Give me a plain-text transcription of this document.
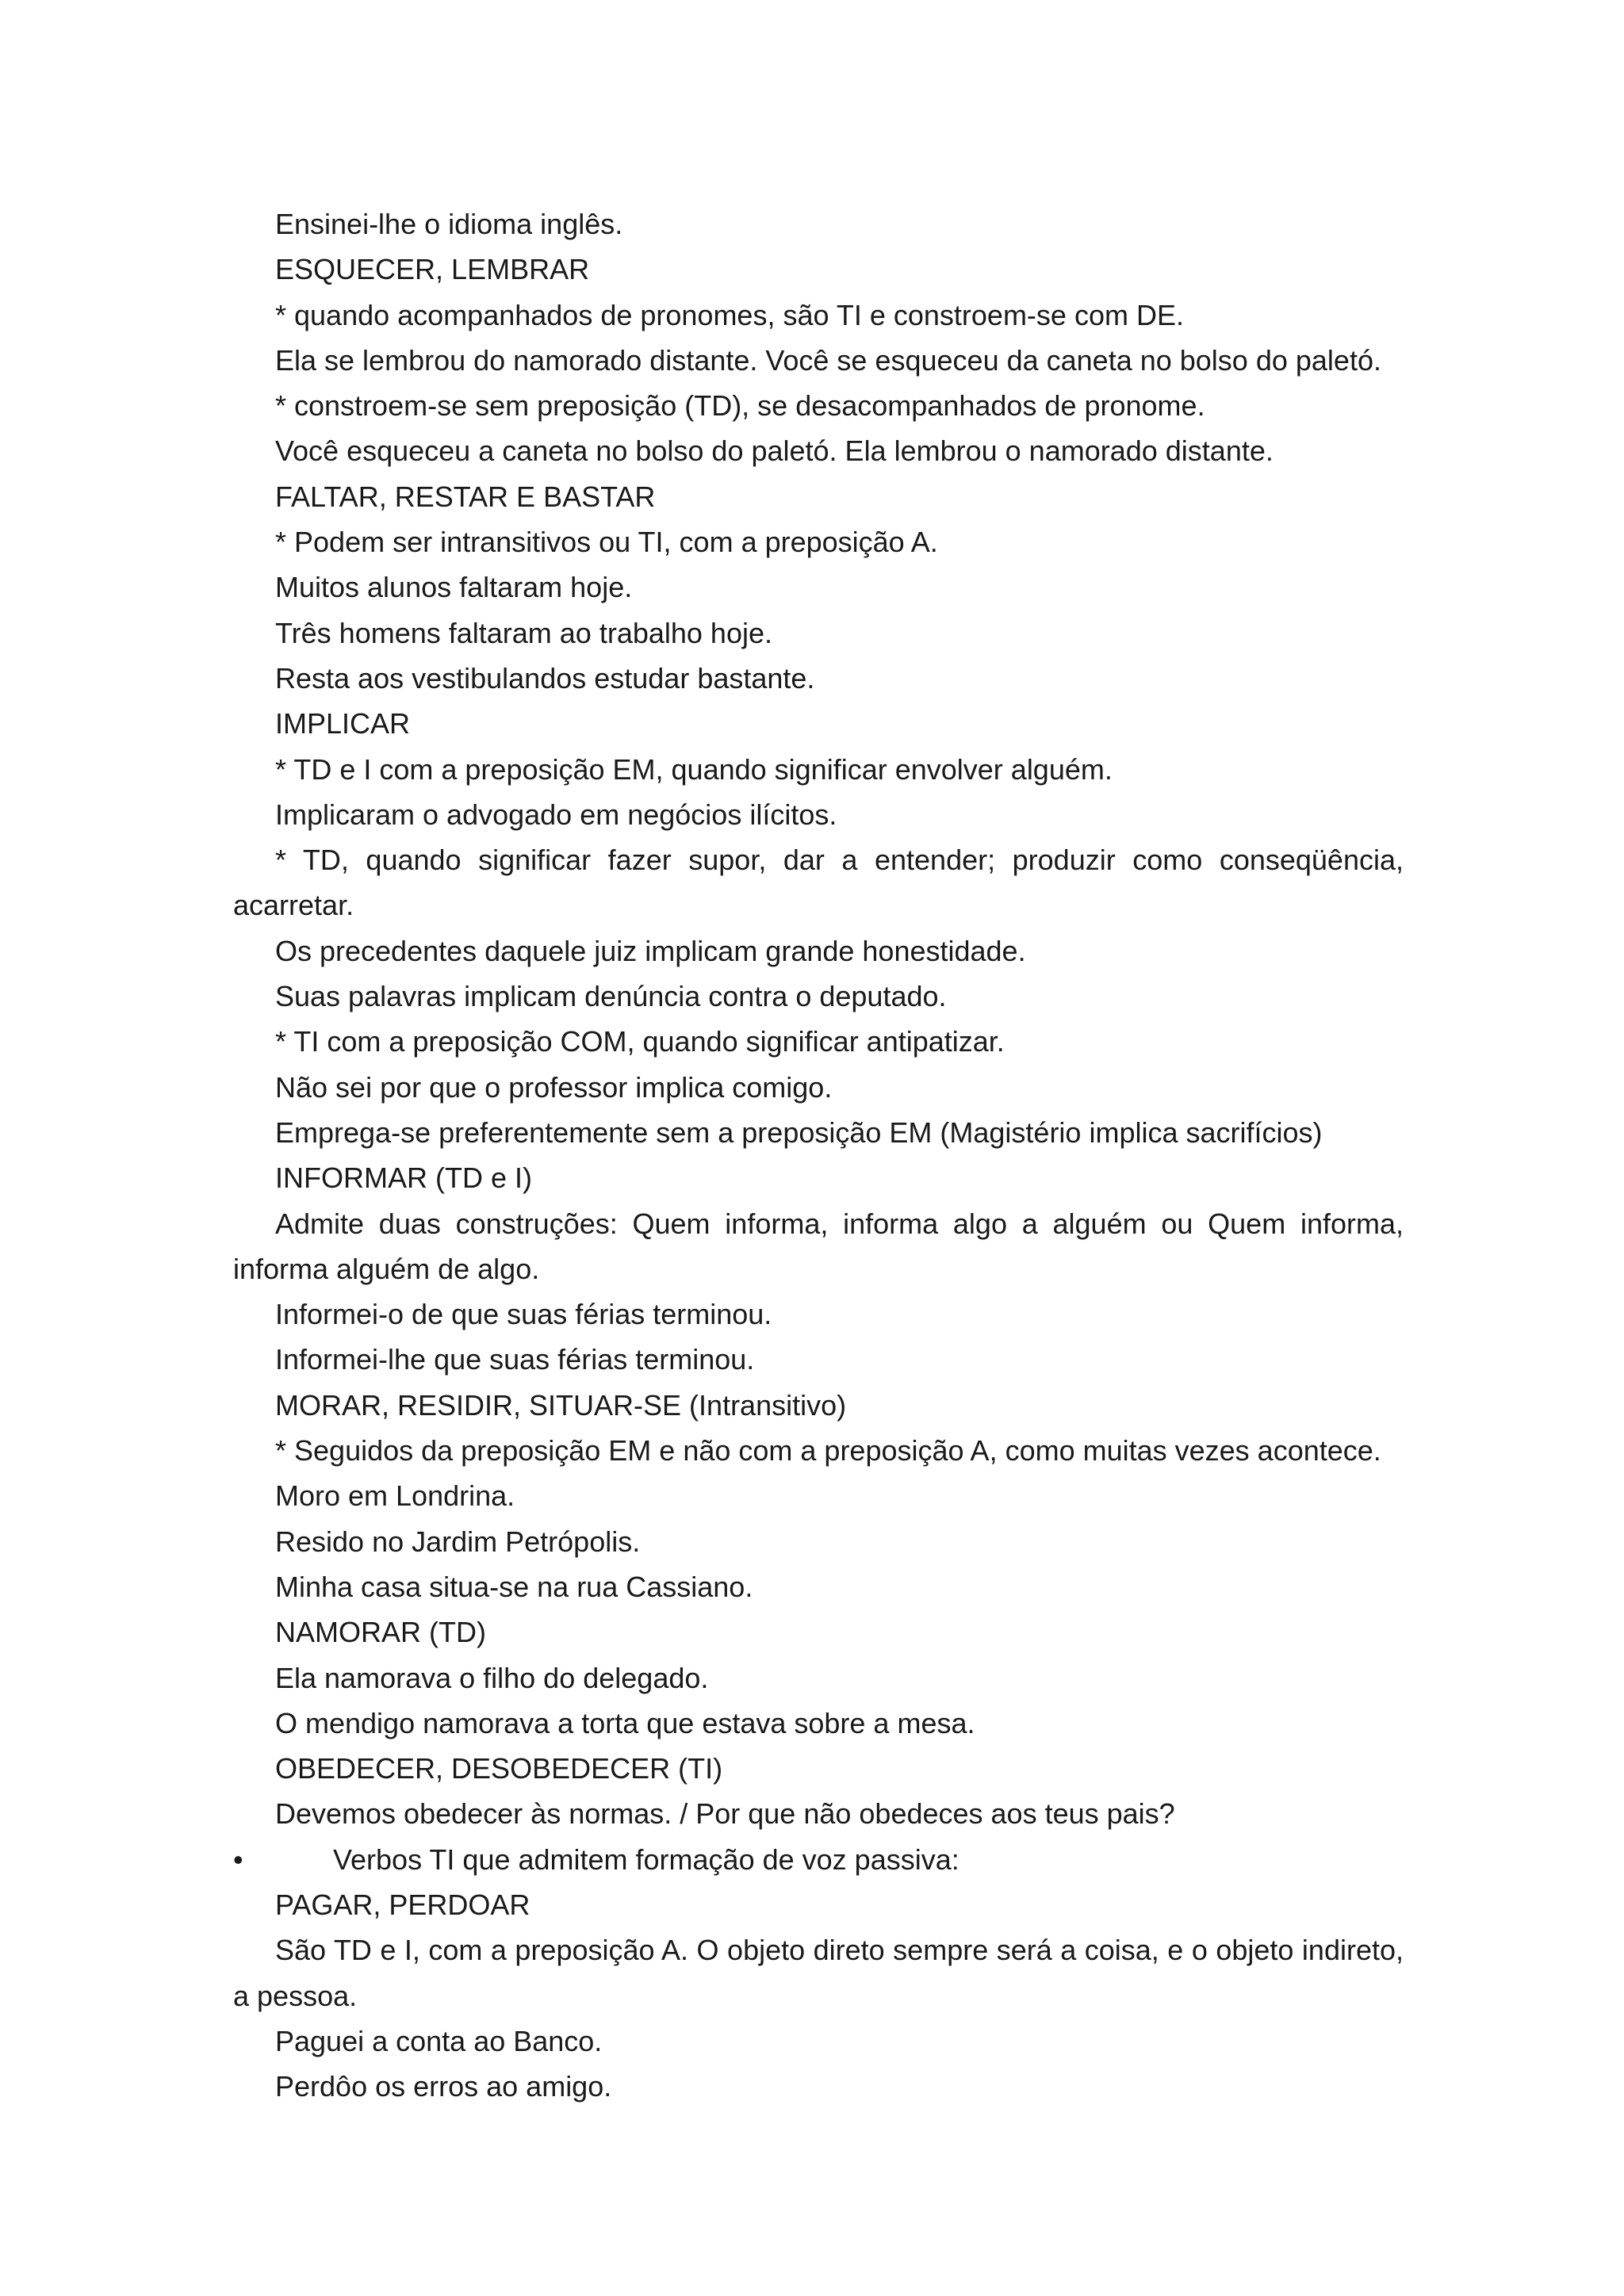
Ensinei-lhe o idioma inglês.

ESQUECER, LEMBRAR

* quando acompanhados de pronomes, são TI e constroem-se com DE.

Ela se lembrou do namorado distante. Você se esqueceu da caneta no bolso do paletó.

* constroem-se sem preposição (TD), se desacompanhados de pronome.

Você esqueceu a caneta no bolso do paletó. Ela lembrou o namorado distante.

FALTAR, RESTAR E BASTAR

* Podem ser intransitivos ou TI, com a preposição A.

Muitos alunos faltaram hoje.

Três homens faltaram ao trabalho hoje.

Resta aos vestibulandos estudar bastante.

IMPLICAR

* TD e I com a preposição EM, quando significar envolver alguém.

Implicaram o advogado em negócios ilícitos.

* TD, quando significar fazer supor, dar a entender; produzir como conseqüência, acarretar.

Os precedentes daquele juiz implicam grande honestidade.

Suas palavras implicam denúncia contra o deputado.

* TI com a preposição COM, quando significar antipatizar.

Não sei por que o professor implica comigo.

Emprega-se preferentemente sem a preposição EM (Magistério implica sacrifícios)

INFORMAR (TD e I)

Admite duas construções: Quem informa, informa algo a alguém ou Quem informa, informa alguém de algo.

Informei-o de que suas férias terminou.

Informei-lhe que suas férias terminou.

MORAR, RESIDIR, SITUAR-SE (Intransitivo)

* Seguidos da preposição EM e não com a preposição A, como muitas vezes acontece.

Moro em Londrina.

Resido no Jardim Petrópolis.

Minha casa situa-se na rua Cassiano.

NAMORAR (TD)

Ela namorava o filho do delegado.

O mendigo namorava a torta que estava sobre a mesa.

OBEDECER, DESOBEDECER (TI)

Devemos obedecer às normas. / Por que não obedeces aos teus pais?

•	Verbos TI que admitem formação de voz passiva:

PAGAR, PERDOAR

São TD e I, com a preposição A. O objeto direto sempre será a coisa, e o objeto indireto, a pessoa.

Paguei a conta ao Banco.

Perdôo os erros ao amigo.
